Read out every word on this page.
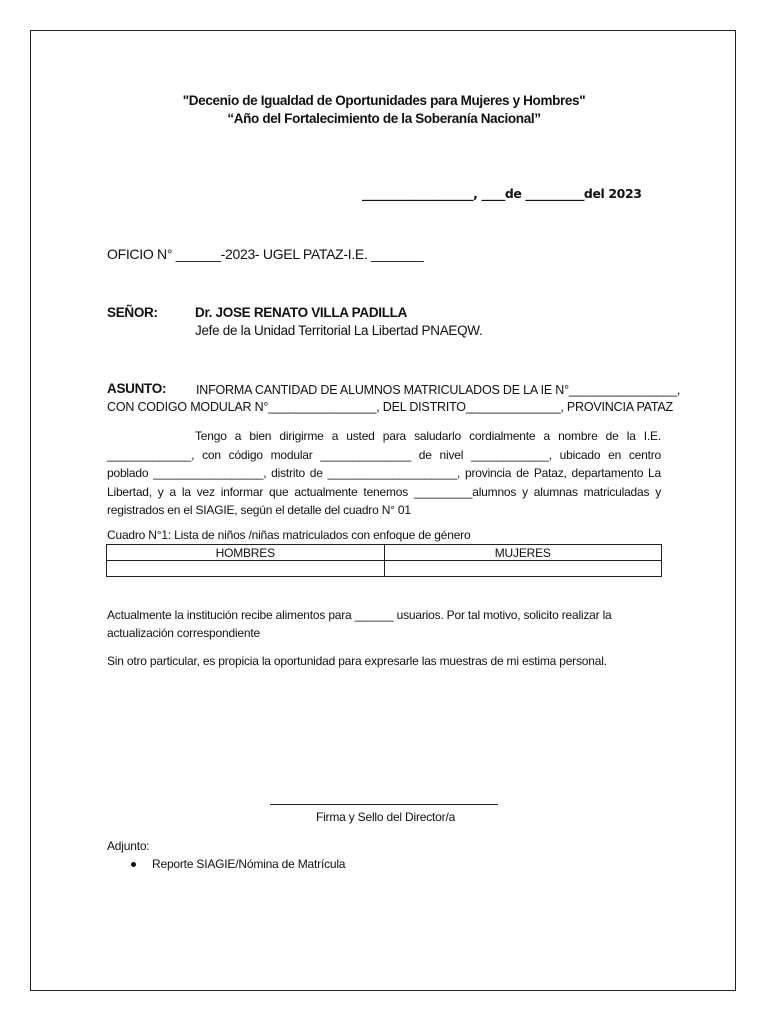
"Decenio de Igualdad de Oportunidades para Mujeres y Hombres"
“Año del Fortalecimiento de la Soberanía Nacional”
___________________, ____de __________del 2023
OFICIO N° ______-2023- UGEL PATAZ-I.E. _______
SEÑOR:	Dr. JOSE RENATO VILLA PADILLA
Jefe de la Unidad Territorial La Libertad PNAEQW.
ASUNTO: INFORMA CANTIDAD DE ALUMNOS MATRICULADOS DE LA IE N°________________,
CON CODIGO MODULAR N°________________, DEL DISTRITO______________, PROVINCIA PATAZ
Tengo a bien dirigirme a usted para saludarlo cordialmente a nombre de la I.E.
_____________, con código modular ______________ de nivel ____________, ubicado en centro
poblado _________________, distrito de ____________________, provincia de Pataz, departamento La
Libertad, y a la vez informar que actualmente tenemos _________alumnos y alumnas matriculadas y
registrados en el SIAGIE, según el detalle del cuadro N° 01
Cuadro N°1: Lista de niños /niñas matriculados con enfoque de género
HOMBRES	MUJERES

Actualmente la institución recibe alimentos para ______ usuarios. Por tal motivo, solicito realizar la
actualización correspondiente
Sin otro particular, es propicia la oportunidad para expresarle las muestras de mi estima personal.
Firma y Sello del Director/a
Adjunto:
Reporte SIAGIE/Nómina de Matrícula
